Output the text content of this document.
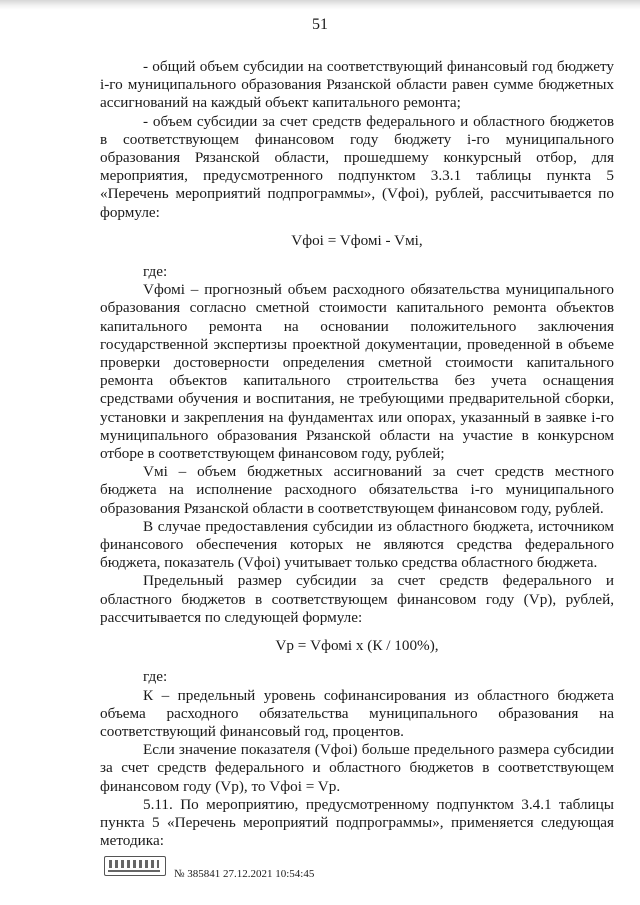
51

- общий объем субсидии на соответствующий финансовый год бюджету i-го муниципального образования Рязанской области равен сумме бюджетных ассигнований на каждый объект капитального ремонта;

- объем субсидии за счет средств федерального и областного бюджетов в соответствующем финансовом году бюджету i-го муниципального образования Рязанской области, прошедшему конкурсный отбор, для мероприятия, предусмотренного подпунктом 3.3.1 таблицы пункта 5 «Перечень мероприятий подпрограммы», (Vфоi), рублей, рассчитывается по формуле:

Vфоi = Vфомi - Vмi,

где:

Vфомi – прогнозный объем расходного обязательства муниципального образования согласно сметной стоимости капитального ремонта объектов капитального ремонта на основании положительного заключения государственной экспертизы проектной документации, проведенной в объеме проверки достоверности определения сметной стоимости капитального ремонта объектов капитального строительства без учета оснащения средствами обучения и воспитания, не требующими предварительной сборки, установки и закрепления на фундаментах или опорах, указанный в заявке i-го муниципального образования Рязанской области на участие в конкурсном отборе в соответствующем финансовом году, рублей;

Vмi – объем бюджетных ассигнований за счет средств местного бюджета на исполнение расходного обязательства i-го муниципального образования Рязанской области в соответствующем финансовом году, рублей.

В случае предоставления субсидии из областного бюджета, источником финансового обеспечения которых не являются средства федерального бюджета, показатель (Vфоi) учитывает только средства областного бюджета.

Предельный размер субсидии за счет средств федерального и областного бюджетов в соответствующем финансовом году (Vр), рублей, рассчитывается по следующей формуле:

Vр = Vфомi х (К / 100%),

где:

К – предельный уровень софинансирования из областного бюджета объема расходного обязательства муниципального образования на соответствующий финансовый год, процентов.

Если значение показателя (Vфоi) больше предельного размера субсидии за счет средств федерального и областного бюджетов в соответствующем финансовом году (Vр), то Vфоi = Vр.

5.11. По мероприятию, предусмотренному подпунктом 3.4.1 таблицы пункта 5 «Перечень мероприятий подпрограммы», применяется следующая методика:

№ 385841 27.12.2021 10:54:45
